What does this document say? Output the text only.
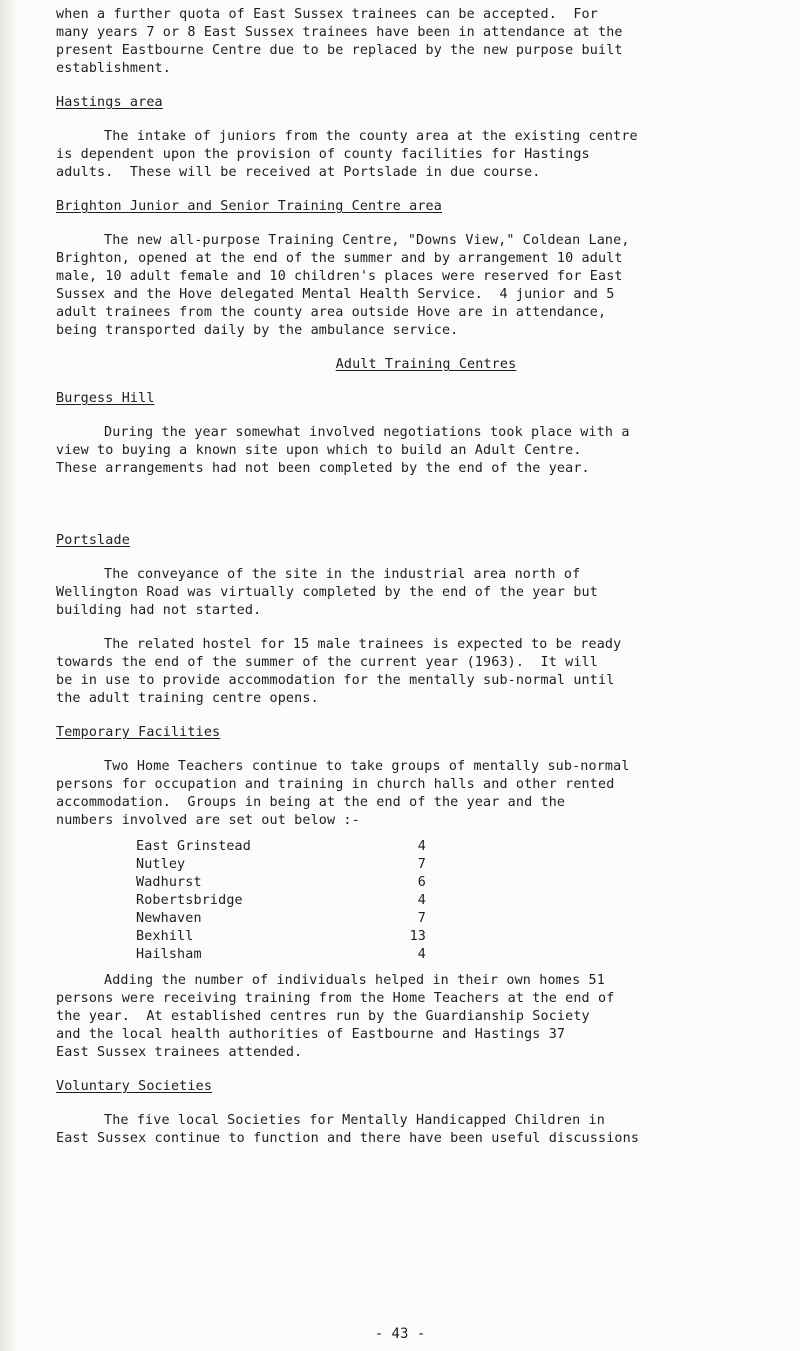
when a further quota of East Sussex trainees can be accepted.  For

many years 7 or 8 East Sussex trainees have been in attendance at the

present Eastbourne Centre due to be replaced by the new purpose built

establishment.

Hastings area

The intake of juniors from the county area at the existing centre

is dependent upon the provision of county facilities for Hastings

adults.  These will be received at Portslade in due course.

Brighton Junior and Senior Training Centre area

The new all-purpose Training Centre, "Downs View," Coldean Lane,

Brighton, opened at the end of the summer and by arrangement 10 adult

male, 10 adult female and 10 children's places were reserved for East

Sussex and the Hove delegated Mental Health Service.  4 junior and 5

adult trainees from the county area outside Hove are in attendance,

being transported daily by the ambulance service.

Adult Training Centres
Burgess Hill

During the year somewhat involved negotiations took place with a

view to buying a known site upon which to build an Adult Centre.

These arrangements had not been completed by the end of the year.

Portslade

The conveyance of the site in the industrial area north of

Wellington Road was virtually completed by the end of the year but

building had not started.

The related hostel for 15 male trainees is expected to be ready

towards the end of the summer of the current year (1963).  It will

be in use to provide accommodation for the mentally sub-normal until

the adult training centre opens.

Temporary Facilities

Two Home Teachers continue to take groups of mentally sub-normal

persons for occupation and training in church halls and other rented

accommodation.  Groups in being at the end of the year and the

numbers involved are set out below :-

East Grinstead	4
Nutley	7
Wadhurst	6
Robertsbridge	4
Newhaven	7
Bexhill	13
Hailsham	4

Adding the number of individuals helped in their own homes 51

persons were receiving training from the Home Teachers at the end of

the year.  At established centres run by the Guardianship Society

and the local health authorities of Eastbourne and Hastings 37

East Sussex trainees attended.

Voluntary Societies

The five local Societies for Mentally Handicapped Children in

East Sussex continue to function and there have been useful discussions

- 43 -
